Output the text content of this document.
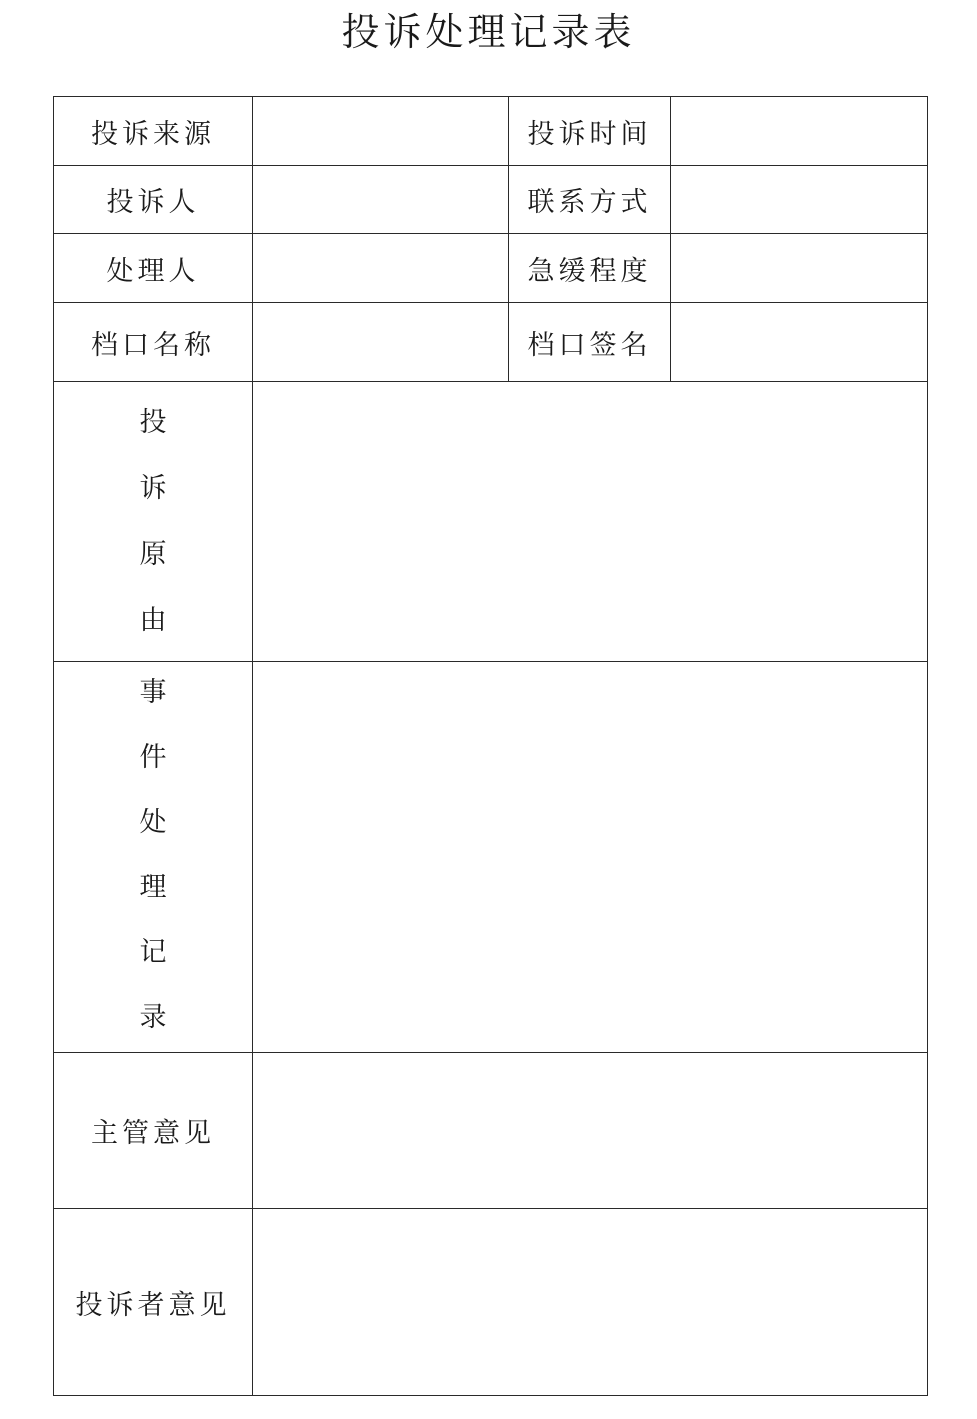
投诉处理记录表
投诉来源	投诉时间
投诉人	联系方式
处理人	急缓程度
档口名称	档口签名
投
诉
原
由
事
件
处
理
记
录
主管意见
投诉者意见
